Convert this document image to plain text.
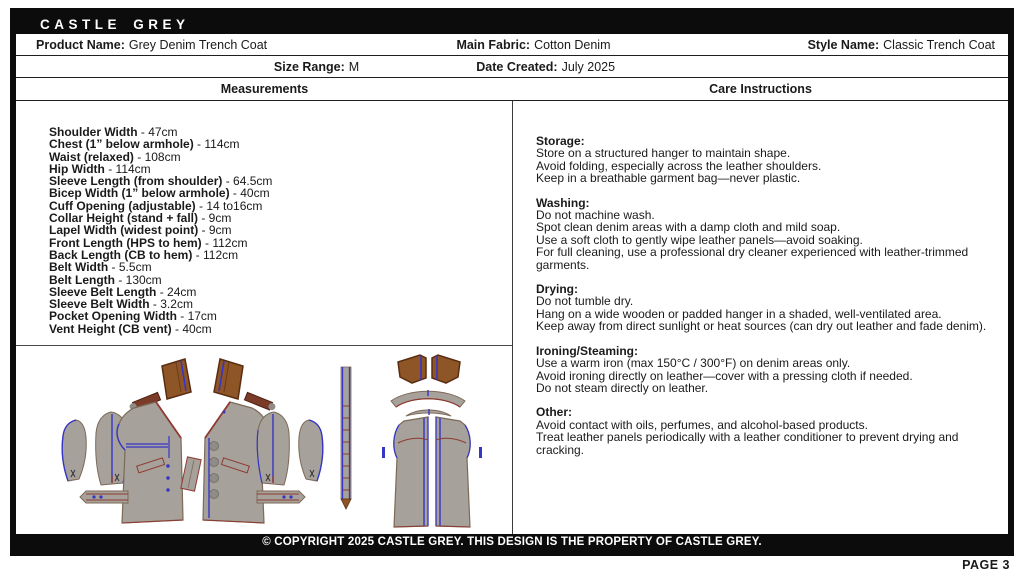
CASTLE GREY
Product Name: Grey Denim Trench Coat	Main Fabric: Cotton Denim	Style Name: Classic Trench Coat
Size Range: M	Date Created: July 2025
Measurements	Care Instructions
Shoulder Width - 47cm
Chest (1” below armhole) - 114cm
Waist (relaxed) - 108cm
Hip Width - 114cm
Sleeve Length (from shoulder) - 64.5cm
Bicep Width (1” below armhole) - 40cm
Cuff Opening (adjustable) - 14 to16cm
Collar Height (stand + fall) - 9cm
Lapel Width (widest point) - 9cm
Front Length (HPS to hem) - 112cm
Back Length (CB to hem) - 112cm
Belt Width - 5.5cm
Belt Length - 130cm
Sleeve Belt Length - 24cm
Sleeve Belt Width - 3.2cm
Pocket Opening Width - 17cm
Vent Height (CB vent) - 40cm
Storage:
Store on a structured hanger to maintain shape.
Avoid folding, especially across the leather shoulders.
Keep in a breathable garment bag—never plastic.
Washing:
Do not machine wash.
Spot clean denim areas with a damp cloth and mild soap.
Use a soft cloth to gently wipe leather panels—avoid soaking.
For full cleaning, use a professional dry cleaner experienced with leather-trimmed garments.
Drying:
Do not tumble dry.
Hang on a wide wooden or padded hanger in a shaded, well-ventilated area.
Keep away from direct sunlight or heat sources (can dry out leather and fade denim).
Ironing/Steaming:
Use a warm iron (max 150°C / 300°F) on denim areas only.
Avoid ironing directly on leather—cover with a pressing cloth if needed.
Do not steam directly on leather.
Other:
Avoid contact with oils, perfumes, and alcohol-based products.
Treat leather panels periodically with a leather conditioner to prevent drying and cracking.
© COPYRIGHT 2025 CASTLE GREY. THIS DESIGN IS THE PROPERTY OF CASTLE GREY.
PAGE 3
